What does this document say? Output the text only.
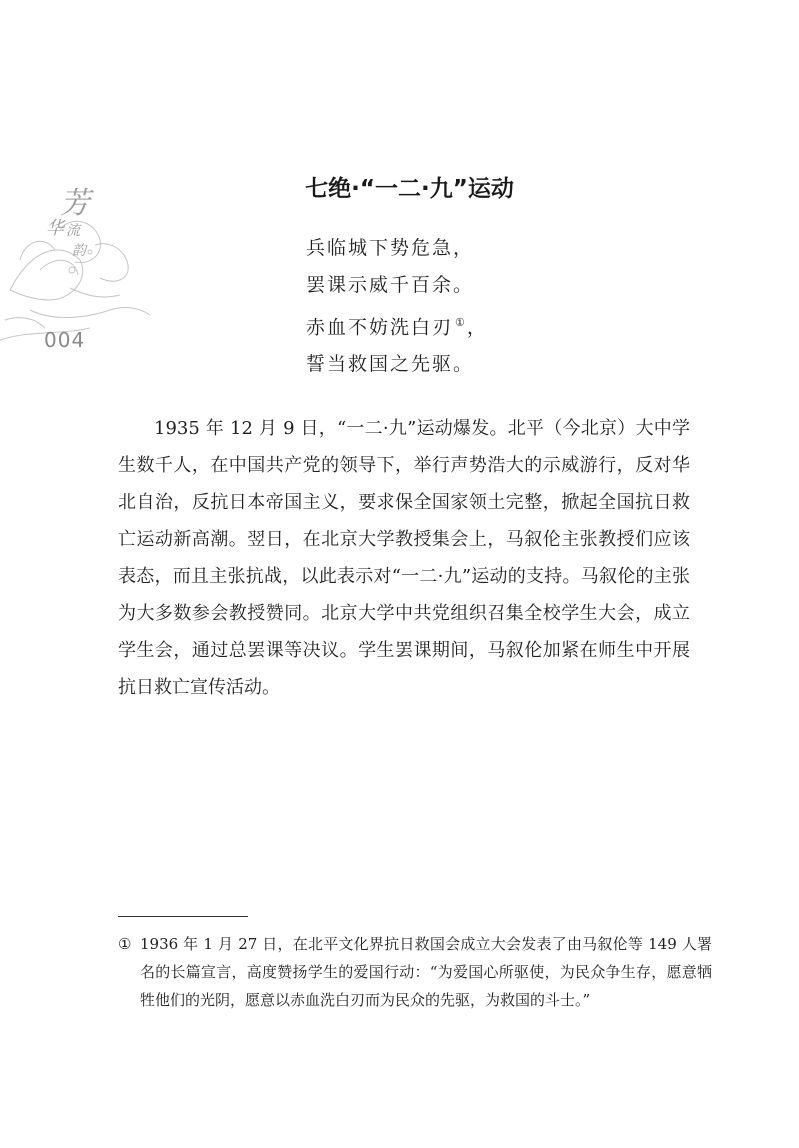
芳
华 流
韵
004
七绝·“一二·九”运动
兵临城下势危急，
罢课示威千百余。
赤血不妨洗白刃 ①，
誓当救国之先驱。
1935 年 12 月 9 日，“一二·九”运动爆发。北平（今北京）大中学生数千人，在中国共产党的领导下，举行声势浩大的示威游行，反对华北自治，反抗日本帝国主义，要求保全国家领土完整，掀起全国抗日救亡运动新高潮。翌日，在北京大学教授集会上，马叙伦主张教授们应该表态，而且主张抗战，以此表示对“一二·九”运动的支持。马叙伦的主张为大多数参会教授赞同。北京大学中共党组织召集全校学生大会，成立学生会，通过总罢课等决议。学生罢课期间，马叙伦加紧在师生中开展抗日救亡宣传活动。
① 1936 年 1 月 27 日，在北平文化界抗日救国会成立大会发表了由马叙伦等 149 人署名的长篇宣言，高度赞扬学生的爱国行动：“为爱国心所驱使，为民众争生存，愿意牺牲他们的光阴，愿意以赤血洗白刃而为民众的先驱，为救国的斗士。”
